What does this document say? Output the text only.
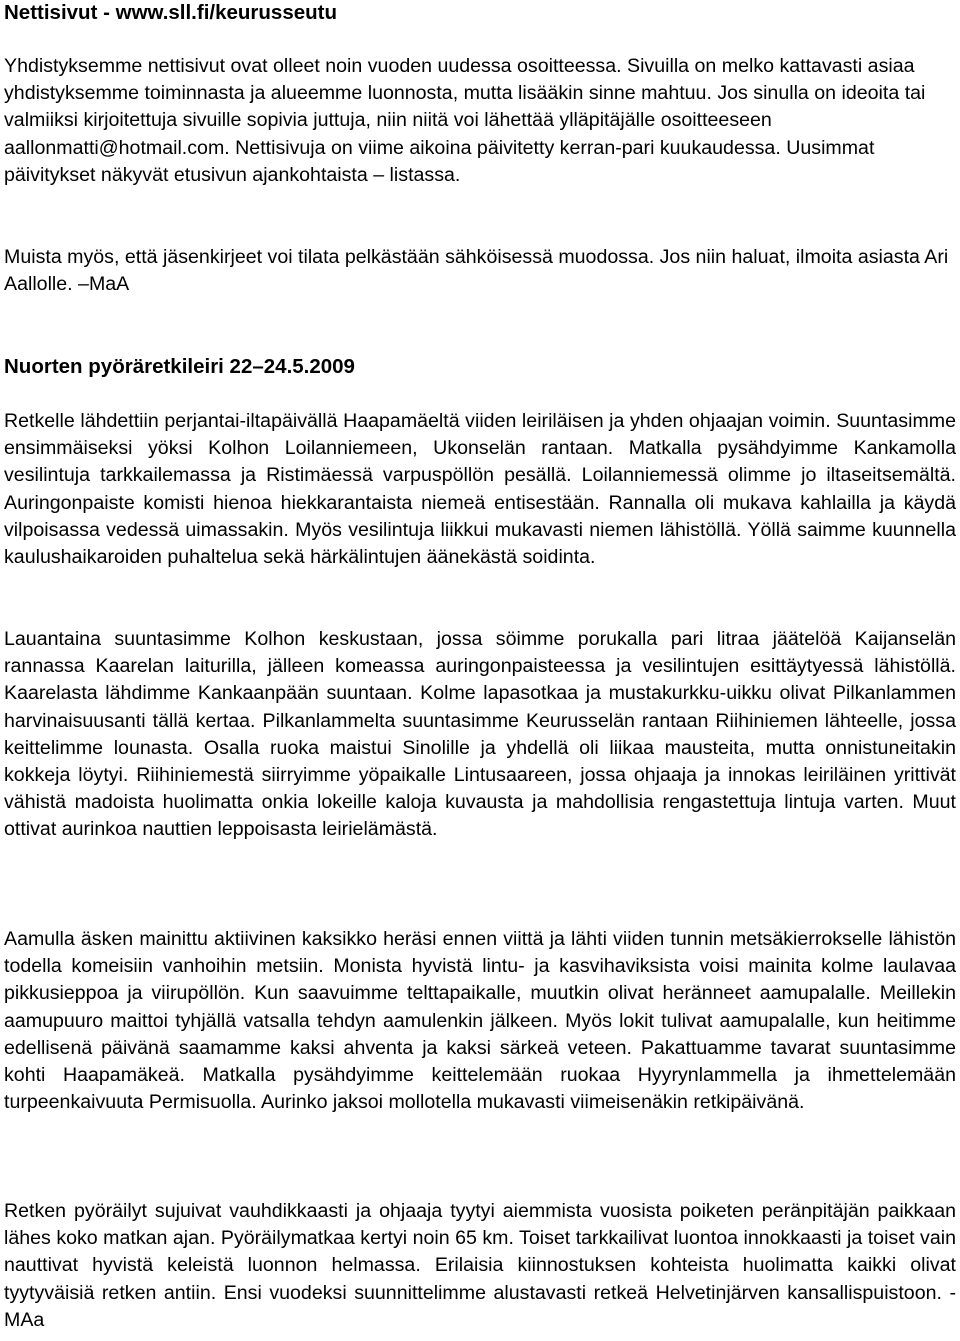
Nettisivut - www.sll.fi/keurusseutu

Yhdistyksemme nettisivut ovat olleet noin vuoden uudessa osoitteessa. Sivuilla on melko kattavasti asiaa yhdistyksemme toiminnasta ja alueemme luonnosta, mutta lisääkin sinne mahtuu. Jos sinulla on ideoita tai valmiiksi kirjoitettuja sivuille sopivia juttuja, niin niitä voi lähettää ylläpitäjälle osoitteeseen aallonmatti@hotmail.com. Nettisivuja on viime aikoina päivitetty kerran-pari kuukaudessa. Uusimmat päivitykset näkyvät etusivun ajankohtaista – listassa.

Muista myös, että jäsenkirjeet voi tilata pelkästään sähköisessä muodossa. Jos niin haluat, ilmoita asiasta Ari Aallolle. –MaA

Nuorten pyöräretkileiri 22–24.5.2009

Retkelle lähdettiin perjantai-iltapäivällä Haapamäeltä viiden leiriläisen ja yhden ohjaajan voimin. Suuntasimme ensimmäiseksi yöksi Kolhon Loilanniemeen, Ukonselän rantaan. Matkalla pysähdyimme Kankamolla vesilintuja tarkkailemassa ja Ristimäessä varpuspöllön pesällä. Loilanniemessä olimme jo iltaseitsemältä. Auringonpaiste komisti hienoa hiekkarantaista niemeä entisestään. Rannalla oli mukava kahlailla ja käydä vilpoisassa vedessä uimassakin. Myös vesilintuja liikkui mukavasti niemen lähistöllä. Yöllä saimme kuunnella kaulushaikaroiden puhaltelua sekä härkälintujen äänekästä soidinta.

Lauantaina suuntasimme Kolhon keskustaan, jossa söimme porukalla pari litraa jäätelöä Kaijanselän rannassa Kaarelan laiturilla, jälleen komeassa auringonpaisteessa ja vesilintujen esittäytyessä lähistöllä. Kaarelasta lähdimme Kankaanpään suuntaan. Kolme lapasotkaa ja mustakurkku-uikku olivat Pilkanlammen harvinaisuusanti tällä kertaa. Pilkanlammelta suuntasimme Keurusselän rantaan Riihiniemen lähteelle, jossa keittelimme lounasta. Osalla ruoka maistui Sinolille ja yhdellä oli liikaa mausteita, mutta onnistuneitakin kokkeja löytyi. Riihiniemestä siirryimme yöpaikalle Lintusaareen, jossa ohjaaja ja innokas leiriläinen yrittivät vähistä madoista huolimatta onkia lokeille kaloja kuvausta ja mahdollisia rengastettuja lintuja varten. Muut ottivat aurinkoa nauttien leppoisasta leirielämästä.

Aamulla äsken mainittu aktiivinen kaksikko heräsi ennen viittä ja lähti viiden tunnin metsäkierrokselle lähistön todella komeisiin vanhoihin metsiin. Monista hyvistä lintu- ja kasvihaviksista voisi mainita kolme laulavaa pikkusieppoa ja viirupöllön. Kun saavuimme telttapaikalle, muutkin olivat heränneet aamupalalle. Meillekin aamupuuro maittoi tyhjällä vatsalla tehdyn aamulenkin jälkeen. Myös lokit tulivat aamupalalle, kun heitimme edellisenä päivänä saamamme kaksi ahventa ja kaksi särkeä veteen. Pakattuamme tavarat suuntasimme kohti Haapamäkeä. Matkalla pysähdyimme keittelemään ruokaa Hyyrynlammella ja ihmettelemään turpeenkaivuuta Permisuolla. Aurinko jaksoi mollotella mukavasti viimeisenäkin retkipäivänä.

Retken pyöräilyt sujuivat vauhdikkaasti ja ohjaaja tyytyi aiemmista vuosista poiketen peränpitäjän paikkaan lähes koko matkan ajan. Pyöräilymatkaa kertyi noin 65 km. Toiset tarkkailivat luontoa innokkaasti ja toiset vain nauttivat hyvistä keleistä luonnon helmassa. Erilaisia kiinnostuksen kohteista huolimatta kaikki olivat tyytyväisiä retken antiin. Ensi vuodeksi suunnittelimme alustavasti retkeä Helvetinjärven kansallispuistoon. -MAa
